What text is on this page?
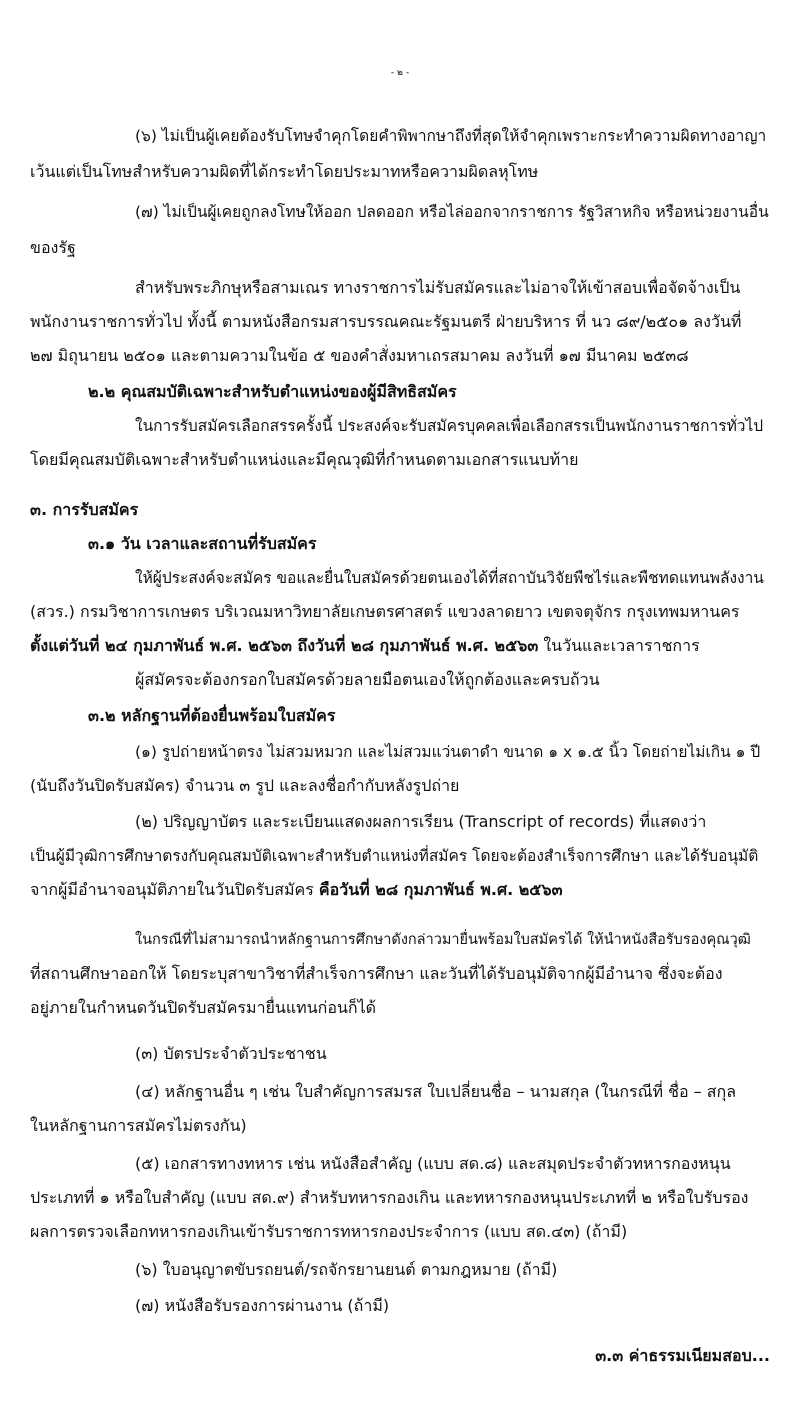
- ๒ -
(๖) ไม่เป็นผู้เคยต้องรับโทษจำคุกโดยคำพิพากษาถึงที่สุดให้จำคุกเพราะกระทำความผิดทางอาญา
เว้นแต่เป็นโทษสำหรับความผิดที่ได้กระทำโดยประมาทหรือความผิดลหุโทษ
(๗) ไม่เป็นผู้เคยถูกลงโทษให้ออก ปลดออก หรือไล่ออกจากราชการ รัฐวิสาหกิจ หรือหน่วยงานอื่น
ของรัฐ
สำหรับพระภิกษุหรือสามเณร ทางราชการไม่รับสมัครและไม่อาจให้เข้าสอบเพื่อจัดจ้างเป็น
พนักงานราชการทั่วไป ทั้งนี้ ตามหนังสือกรมสารบรรณคณะรัฐมนตรี ฝ่ายบริหาร ที่ นว ๘๙/๒๕๐๑ ลงวันที่
๒๗ มิถุนายน ๒๕๐๑ และตามความในข้อ ๕ ของคำสั่งมหาเถรสมาคม ลงวันที่ ๑๗ มีนาคม ๒๕๓๘
๒.๒ คุณสมบัติเฉพาะสำหรับตำแหน่งของผู้มีสิทธิสมัคร
ในการรับสมัครเลือกสรรครั้งนี้ ประสงค์จะรับสมัครบุคคลเพื่อเลือกสรรเป็นพนักงานราชการทั่วไป
โดยมีคุณสมบัติเฉพาะสำหรับตำแหน่งและมีคุณวุฒิที่กำหนดตามเอกสารแนบท้าย
๓. การรับสมัคร
๓.๑ วัน เวลาและสถานที่รับสมัคร
ให้ผู้ประสงค์จะสมัคร ขอและยื่นใบสมัครด้วยตนเองได้ที่สถาบันวิจัยพืชไร่และพืชทดแทนพลังงาน
(สวร.) กรมวิชาการเกษตร บริเวณมหาวิทยาลัยเกษตรศาสตร์ แขวงลาดยาว เขตจตุจักร กรุงเทพมหานคร
ตั้งแต่วันที่ ๒๔ กุมภาพันธ์ พ.ศ. ๒๕๖๓ ถึงวันที่ ๒๘ กุมภาพันธ์ พ.ศ. ๒๕๖๓ ในวันและเวลาราชการ
ผู้สมัครจะต้องกรอกใบสมัครด้วยลายมือตนเองให้ถูกต้องและครบถ้วน
๓.๒ หลักฐานที่ต้องยื่นพร้อมใบสมัคร
(๑) รูปถ่ายหน้าตรง ไม่สวมหมวก และไม่สวมแว่นตาดำ ขนาด ๑ x ๑.๕ นิ้ว โดยถ่ายไม่เกิน ๑ ปี
(นับถึงวันปิดรับสมัคร) จำนวน ๓ รูป และลงชื่อกำกับหลังรูปถ่าย
(๒) ปริญญาบัตร และระเบียนแสดงผลการเรียน (Transcript of records) ที่แสดงว่า
เป็นผู้มีวุฒิการศึกษาตรงกับคุณสมบัติเฉพาะสำหรับตำแหน่งที่สมัคร โดยจะต้องสำเร็จการศึกษา และได้รับอนุมัติ
จากผู้มีอำนาจอนุมัติภายในวันปิดรับสมัคร คือวันที่ ๒๘ กุมภาพันธ์ พ.ศ. ๒๕๖๓
ในกรณีที่ไม่สามารถนำหลักฐานการศึกษาดังกล่าวมายื่นพร้อมใบสมัครได้ ให้นำหนังสือรับรองคุณวุฒิ
ที่สถานศึกษาออกให้ โดยระบุสาขาวิชาที่สำเร็จการศึกษา และวันที่ได้รับอนุมัติจากผู้มีอำนาจ ซึ่งจะต้อง
อยู่ภายในกำหนดวันปิดรับสมัครมายื่นแทนก่อนก็ได้
(๓) บัตรประจำตัวประชาชน
(๔) หลักฐานอื่น ๆ เช่น ใบสำคัญการสมรส ใบเปลี่ยนชื่อ – นามสกุล (ในกรณีที่ ชื่อ – สกุล
ในหลักฐานการสมัครไม่ตรงกัน)
(๕) เอกสารทางทหาร เช่น หนังสือสำคัญ (แบบ สด.๘) และสมุดประจำตัวทหารกองหนุน
ประเภทที่ ๑ หรือใบสำคัญ (แบบ สด.๙) สำหรับทหารกองเกิน และทหารกองหนุนประเภทที่ ๒ หรือใบรับรอง
ผลการตรวจเลือกทหารกองเกินเข้ารับราชการทหารกองประจำการ (แบบ สด.๔๓) (ถ้ามี)
(๖) ใบอนุญาตขับรถยนต์/รถจักรยานยนต์ ตามกฎหมาย (ถ้ามี)
(๗) หนังสือรับรองการผ่านงาน (ถ้ามี)
๓.๓ ค่าธรรมเนียมสอบ...
